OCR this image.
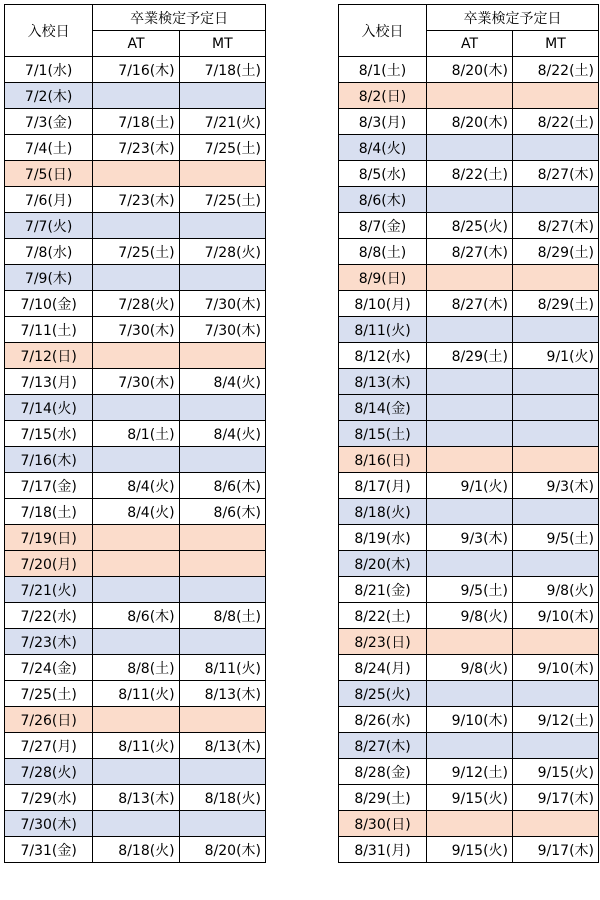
入校日	卒業検定予定日	
	AT	MT
7/1(水)	7/16(木)	7/18(土)
7/2(木)		
7/3(金)	7/18(土)	7/21(火)
7/4(土)	7/23(木)	7/25(土)
7/5(日)		
7/6(月)	7/23(木)	7/25(土)
7/7(火)		
7/8(水)	7/25(土)	7/28(火)
7/9(木)		
7/10(金)	7/28(火)	7/30(木)
7/11(土)	7/30(木)	7/30(木)
7/12(日)		
7/13(月)	7/30(木)	8/4(火)
7/14(火)		
7/15(水)	8/1(土)	8/4(火)
7/16(木)		
7/17(金)	8/4(火)	8/6(木)
7/18(土)	8/4(火)	8/6(木)
7/19(日)		
7/20(月)		
7/21(火)		
7/22(水)	8/6(木)	8/8(土)
7/23(木)		
7/24(金)	8/8(土)	8/11(火)
7/25(土)	8/11(火)	8/13(木)
7/26(日)		
7/27(月)	8/11(火)	8/13(木)
7/28(火)		
7/29(水)	8/13(木)	8/18(火)
7/30(木)		
7/31(金)	8/18(火)	8/20(木)
入校日	卒業検定予定日	
	AT	MT
8/1(土)	8/20(木)	8/22(土)
8/2(日)		
8/3(月)	8/20(木)	8/22(土)
8/4(火)		
8/5(水)	8/22(土)	8/27(木)
8/6(木)		
8/7(金)	8/25(火)	8/27(木)
8/8(土)	8/27(木)	8/29(土)
8/9(日)		
8/10(月)	8/27(木)	8/29(土)
8/11(火)		
8/12(水)	8/29(土)	9/1(火)
8/13(木)		
8/14(金)		
8/15(土)		
8/16(日)		
8/17(月)	9/1(火)	9/3(木)
8/18(火)		
8/19(水)	9/3(木)	9/5(土)
8/20(木)		
8/21(金)	9/5(土)	9/8(火)
8/22(土)	9/8(火)	9/10(木)
8/23(日)		
8/24(月)	9/8(火)	9/10(木)
8/25(火)		
8/26(水)	9/10(木)	9/12(土)
8/27(木)		
8/28(金)	9/12(土)	9/15(火)
8/29(土)	9/15(火)	9/17(木)
8/30(日)		
8/31(月)	9/15(火)	9/17(木)
